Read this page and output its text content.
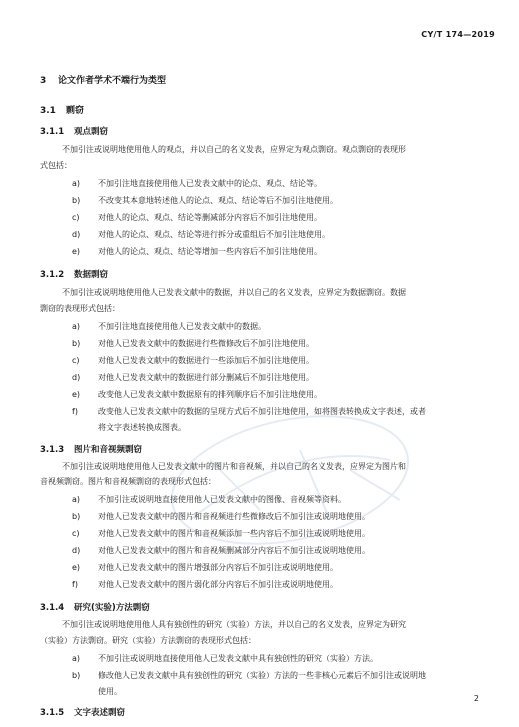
CY/T 174—2019
3 论文作者学术不端行为类型
3.1 剽窃
3.1.1 观点剽窃
不加引注或说明地使用他人的观点，并以自己的名义发表，应界定为观点剽窃。观点剽窃的表现形
式包括：
a) 不加引注地直接使用他人已发表文献中的论点、观点、结论等。
b) 不改变其本意地转述他人的论点、观点、结论等后不加引注地使用。
c) 对他人的论点、观点、结论等删减部分内容后不加引注地使用。
d) 对他人的论点、观点、结论等进行拆分或重组后不加引注地使用。
e) 对他人的论点、观点、结论等增加一些内容后不加引注地使用。
3.1.2 数据剽窃
不加引注或说明地使用他人已发表文献中的数据，并以自己的名义发表，应界定为数据剽窃。数据
剽窃的表现形式包括：
a) 不加引注地直接使用他人已发表文献中的数据。
b) 对他人已发表文献中的数据进行些微修改后不加引注地使用。
c) 对他人已发表文献中的数据进行一些添加后不加引注地使用。
d) 对他人已发表文献中的数据进行部分删减后不加引注地使用。
e) 改变他人已发表文献中数据原有的排列顺序后不加引注地使用。
f)	改变他人已发表文献中的数据的呈现方式后不加引注地使用，如将图表转换成文字表述，或者
将文字表述转换成图表。
3.1.3 图片和音视频剽窃
不加引注或说明地使用他人已发表文献中的图片和音视频，并以自己的名义发表，应界定为图片和
音视频剽窃。图片和音视频剽窃的表现形式包括：
a) 不加引注或说明地直接使用他人已发表文献中的图像、音视频等资料。
b) 对他人已发表文献中的图片和音视频进行些微修改后不加引注或说明地使用。
c) 对他人已发表文献中的图片和音视频添加一些内容后不加引注或说明地使用。
d) 对他人已发表文献中的图片和音视频删减部分内容后不加引注或说明地使用。
e) 对他人已发表文献中的图片增强部分内容后不加引注或说明地使用。
f)	对他人已发表文献中的图片弱化部分内容后不加引注或说明地使用。
3.1.4 研究(实验)方法剽窃
不加引注或说明地使用他人具有独创性的研究（实验）方法，并以自己的名义发表，应界定为研究
（实验）方法剽窃。研究（实验）方法剽窃的表现形式包括：
a) 不加引注或说明地直接使用他人已发表文献中具有独创性的研究（实验）方法。
b) 修改他人已发表文献中具有独创性的研究（实验）方法的一些非核心元素后不加引注或说明地
使用。
3.1.5 文字表述剽窃
2
